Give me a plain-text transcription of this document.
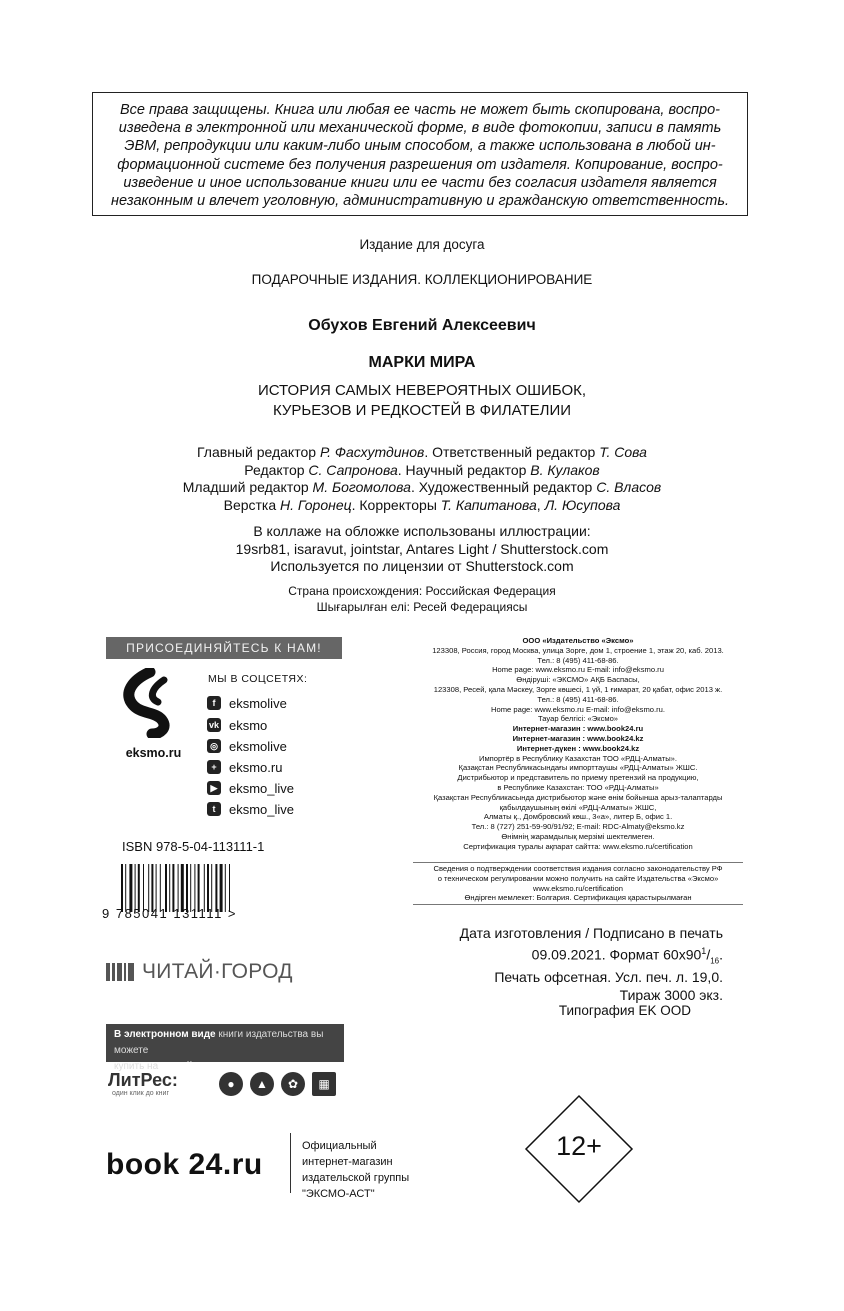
Все права защищены. Книга или любая ее часть не может быть скопирована, воспро-
изведена в электронной или механической форме, в виде фотокопии, записи в память
ЭВМ, репродукции или каким-либо иным способом, а также использована в любой ин-
формационной системе без получения разрешения от издателя. Копирование, воспро-
изведение и иное использование книги или ее части без согласия издателя является
незаконным и влечет уголовную, административную и гражданскую ответственность.
Издание для досуга
ПОДАРОЧНЫЕ ИЗДАНИЯ. КОЛЛЕКЦИОНИРОВАНИЕ
Обухов Евгений Алексеевич
МАРКИ МИРА
ИСТОРИЯ САМЫХ НЕВЕРОЯТНЫХ ОШИБОК,
КУРЬЕЗОВ И РЕДКОСТЕЙ В ФИЛАТЕЛИИ
Главный редактор Р. Фасхутдинов. Ответственный редактор Т. Сова
Редактор С. Сапронова. Научный редактор В. Кулаков
Младший редактор М. Богомолова. Художественный редактор С. Власов
Верстка Н. Горонец. Корректоры Т. Капитанова, Л. Юсупова
В коллаже на обложке использованы иллюстрации:
19srb81, isaravut, jointstar, Antares Light / Shutterstock.com
Используется по лицензии от Shutterstock.com
Страна происхождения: Российская Федерация
Шығарылған елі: Ресей Федерациясы
ПРИСОЕДИНЯЙТЕСЬ К НАМ!
eksmo.ru
МЫ В СОЦСЕТЯХ:
f	eksmolive
vk eksmo
◎ eksmolive
+ eksmo.ru
▶ eksmo_live
t	eksmo_live
ISBN 978-5-04-113111-1
9 785041 131111 >
ЧИТАЙ·ГОРОД
В электронном виде книги издательства вы можете
купить на www.litres.ru
ЛитРес:
один клик до книг
●	▲	✿	▦
book 24.ru
Официальный
интернет-магазин
издательской группы
"ЭКСМО-АСТ"
ООО «Издательство «Эксмо»
123308, Россия, город Москва, улица Зорге, дом 1, строение 1, этаж 20, каб. 2013.
Тел.: 8 (495) 411-68-86.
Home page: www.eksmo.ru E-mail: info@eksmo.ru
Өндіруші: «ЭКСМО» АҚБ Баспасы,
123308, Ресей, қала Мәскеу, Зорге көшесі, 1 үй, 1 ғимарат, 20 қабат, офис 2013 ж.
Тел.: 8 (495) 411-68-86.
Home page: www.eksmo.ru E-mail: info@eksmo.ru.
Тауар белгісі: «Эксмо»
Интернет-магазин : www.book24.ru
Интернет-магазин : www.book24.kz
Интернет-дүкен : www.book24.kz
Импортёр в Республику Казахстан ТОО «РДЦ-Алматы».
Қазақстан Республикасындағы импорттаушы «РДЦ-Алматы» ЖШС.
Дистрибьютор и представитель по приему претензий на продукцию,
в Республике Казахстан: ТОО «РДЦ-Алматы»
Қазақстан Республикасында дистрибьютор және өнім бойынша арыз-талаптарды
қабылдаушының өкілі «РДЦ-Алматы» ЖШС,
Алматы қ., Домбровский көш., 3«а», литер Б, офис 1.
Тел.: 8 (727) 251-59-90/91/92; E-mail: RDC-Almaty@eksmo.kz
Өнімнің жарамдылық мерзімі шектелмеген.
Сертификация туралы ақпарат сайтта: www.eksmo.ru/certification
Сведения о подтверждении соответствия издания согласно законодательству РФ
о техническом регулировании можно получить на сайте Издательства «Эксмо»
www.eksmo.ru/certification
Өндірген мемлекет: Болгария. Сертификация қарастырылмаған
Дата изготовления / Подписано в печать
09.09.2021. Формат $60х90^1/_{16}$.
Печать офсетная. Усл. печ. л. 19,0.
Тираж 3000 экз.
Типография EK OOD
12+
